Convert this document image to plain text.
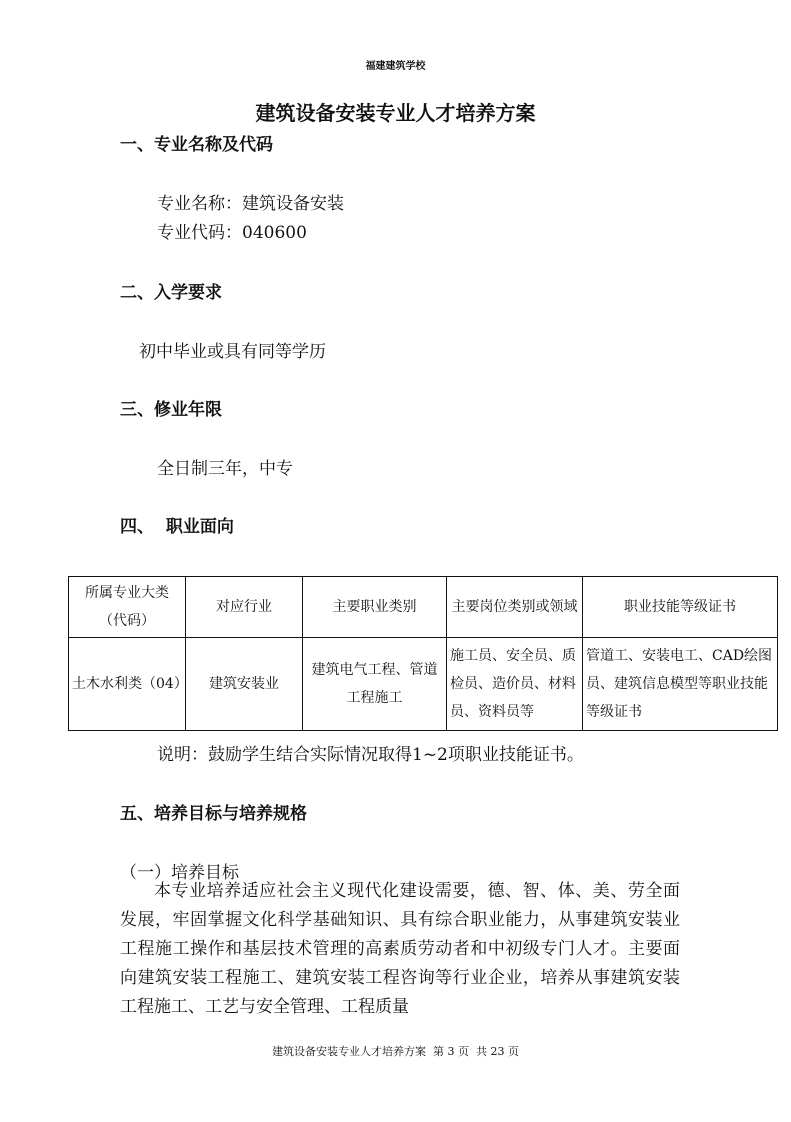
福建建筑学校
建筑设备安装专业人才培养方案
一、专业名称及代码
专业名称：建筑设备安装
专业代码：040600
二、入学要求
初中毕业或具有同等学历
三、修业年限
全日制三年，中专
四、  职业面向
所属专业大类（代码）	对应行业	主要职业类别	主要岗位类别或领域	职业技能等级证书
土木水利类（04）	建筑安装业	建筑电气工程、管道工程施工	施工员、安全员、质检员、造价员、材料员、资料员等	管道工、安装电工、CAD绘图员、建筑信息模型等职业技能等级证书
说明：鼓励学生结合实际情况取得1~2项职业技能证书。
五、培养目标与培养规格
（一）培养目标
本专业培养适应社会主义现代化建设需要，德、智、体、美、劳全面发展，牢固掌握文化科学基础知识、具有综合职业能力，从事建筑安装业工程施工操作和基层技术管理的高素质劳动者和中初级专门人才。主要面向建筑安装工程施工、建筑安装工程咨询等行业企业，培养从事建筑安装工程施工、工艺与安全管理、工程质量
建筑设备安装专业人才培养方案  第 3 页  共 23 页
